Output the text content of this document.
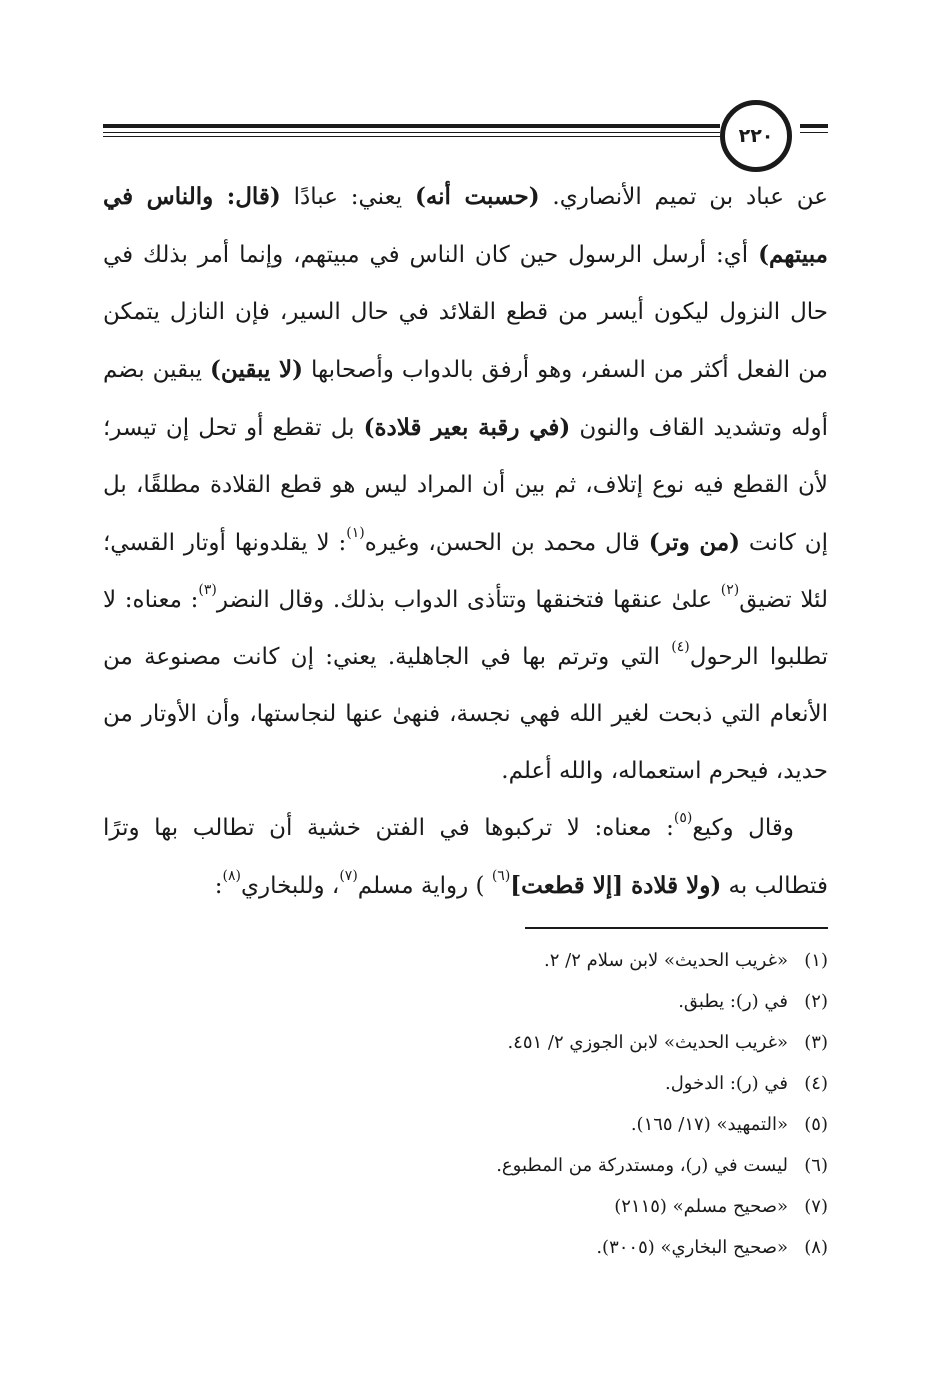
٢٢٠

عن عباد بن تميم الأنصاري. (حسبت أنه) يعني: عبادًا (قال: والناس في مبيتهم) أي: أرسل الرسول حين كان الناس في مبيتهم، وإنما أمر بذلك في حال النزول ليكون أيسر من قطع القلائد في حال السير، فإن النازل يتمكن من الفعل أكثر من السفر، وهو أرفق بالدواب وأصحابها (لا يبقين) يبقين بضم أوله وتشديد القاف والنون (في رقبة بعير قلادة) بل تقطع أو تحل إن تيسر؛ لأن القطع فيه نوع إتلاف، ثم بين أن المراد ليس هو قطع القلادة مطلقًا، بل إن كانت (من وتر) قال محمد بن الحسن، وغيره$^{(١)}$: لا يقلدونها أوتار القسي؛ لئلا تضيق$^{(٢)}$ علىٰ عنقها فتخنقها وتتأذى الدواب بذلك. وقال النضر$^{(٣)}$: معناه: لا تطلبوا الرحول$^{(٤)}$ التي وترتم بها في الجاهلية. يعني: إن كانت مصنوعة من الأنعام التي ذبحت لغير الله فهي نجسة، فنهىٰ عنها لنجاستها، وأن الأوتار من حديد، فيحرم استعماله، والله أعلم.

وقال وكيع$^{(٥)}$: معناه: لا تركبوها في الفتن خشية أن تطالب بها وترًا فتطالب به (ولا قلادة [إلا قطعت]$^{(٦)}$ ) رواية مسلم$^{(٧)}$، وللبخاري$^{(٨)}$:

(١)«غريب الحديث» لابن سلام ٢/ ٢.
(٢)في (ر): يطبق.
(٣)«غريب الحديث» لابن الجوزي ٢/ ٤٥١.
(٤)في (ر): الدخول.
(٥)«التمهيد» (١٧/ ١٦٥).
(٦)ليست في (ر)، ومستدركة من المطبوع.
(٧)«صحيح مسلم» (٢١١٥)
(٨)«صحيح البخاري» (٣٠٠٥).
